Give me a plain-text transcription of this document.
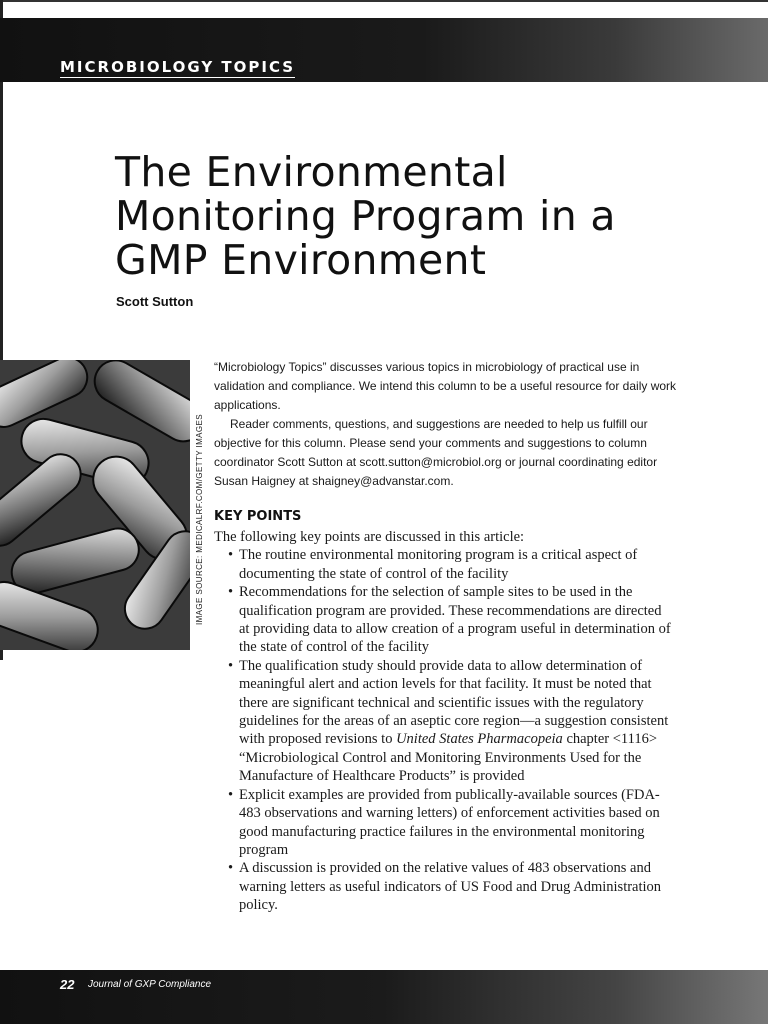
MICROBIOLOGY TOPICS
The Environmental
Monitoring Program in a
GMP Environment
Scott Sutton
IMAGE SOURCE: MEDICALRF.COM/GETTY IMAGES

“Microbiology Topics” discusses various topics in microbiology of practical use in validation and compliance. We intend this column to be a useful resource for daily work applications.

Reader comments, questions, and suggestions are needed to help us fulfill our objective for this column. Please send your comments and suggestions to column coordinator Scott Sutton at scott.sutton@microbiol.org or journal coordinating editor Susan Haigney at shaigney@advanstar.com.

KEY POINTS

The following key points are discussed in this article:

• The routine environmental monitoring program is a critical aspect of documenting the state of control of the facility
• Recommendations for the selection of sample sites to be used in the qualification program are provided. These recommendations are directed at providing data to allow creation of a program useful in determination of the state of control of the facility
• The qualification study should provide data to allow determination of meaningful alert and action levels for that facility. It must be noted that there are significant technical and scientific issues with the regulatory guidelines for the areas of an aseptic core region—a suggestion consistent with proposed revisions to United States Pharmacopeia chapter <1116> “Microbiological Control and Monitoring Environments Used for the Manufacture of Healthcare Products” is provided
• Explicit examples are provided from publically-available sources (FDA-483 observations and warning letters) of enforcement activities based on good manufacturing practice failures in the environmental monitoring program
• A discussion is provided on the relative values of 483 observations and warning letters as useful indicators of US Food and Drug Administration policy.
22 Journal of GXP Compliance
